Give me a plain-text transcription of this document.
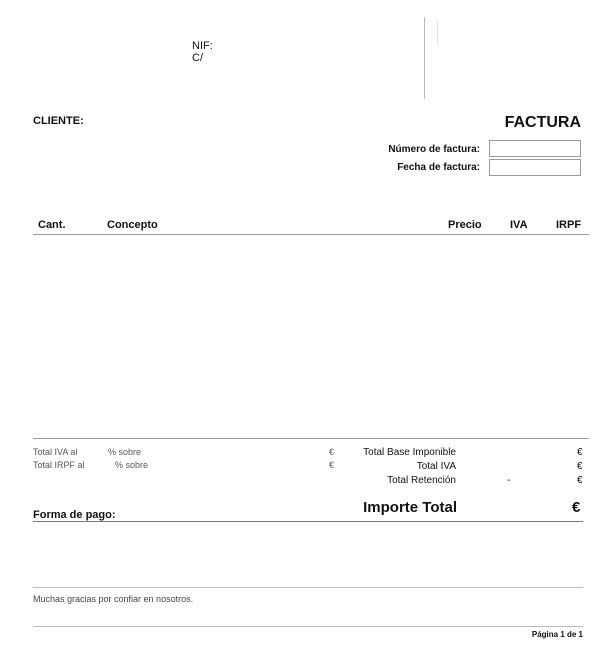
NIF:
C/
CLIENTE:	FACTURA
Número de factura:
Fecha de factura:
Cant.	Concepto	Precio	IVA	IRPF
Total IVA al	% sobre	€
Total IRPF al	% sobre	€
Total Base Imponible	€
Total IVA	€
Total Retención	-	€
Forma de pago:	Importe Total	€
Muchas gracias por confiar en nosotros.
Página 1 de 1
